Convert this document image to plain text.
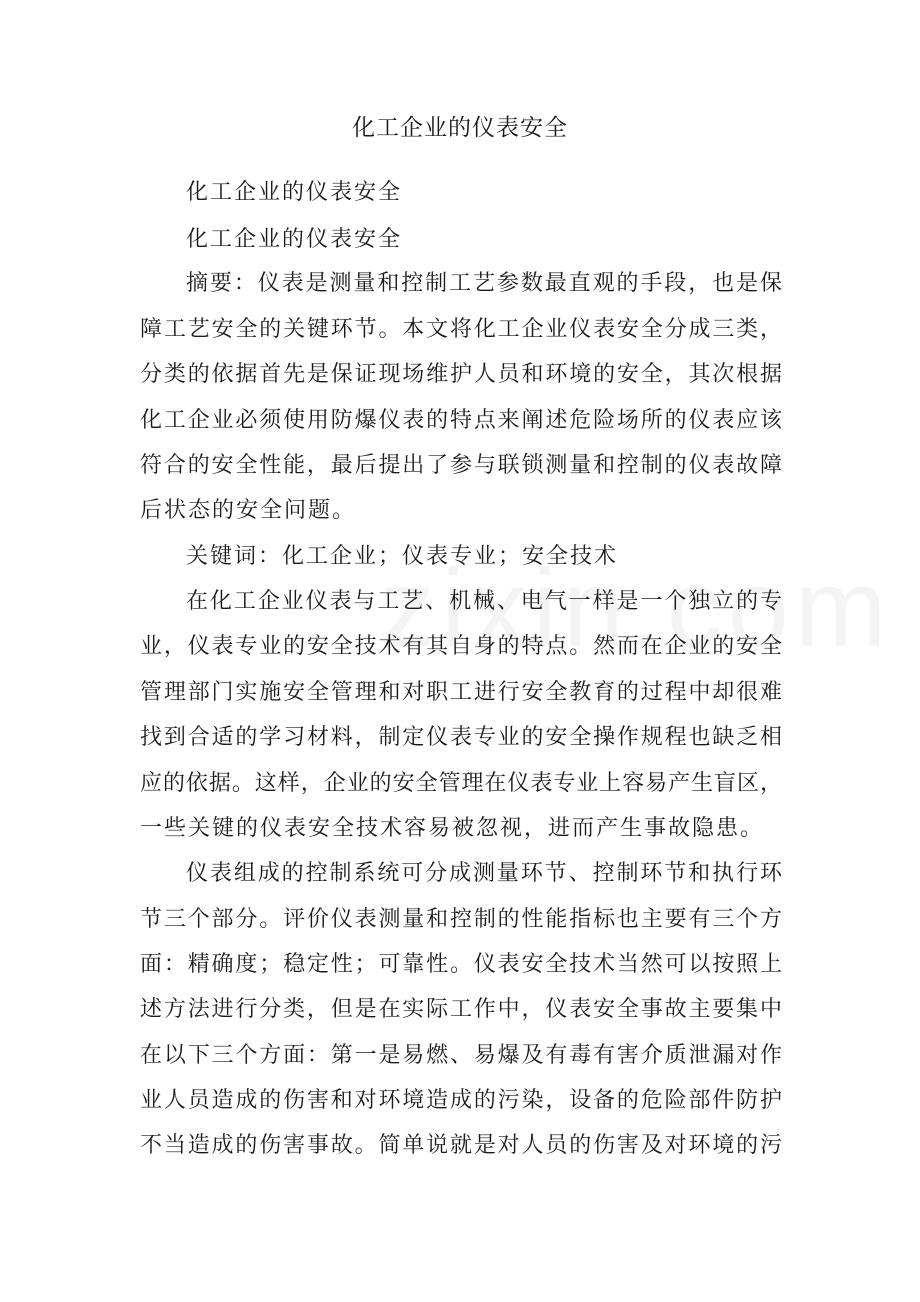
化工企业的仪表安全
化工企业的仪表安全
化工企业的仪表安全
摘要：仪表是测量和控制工艺参数最直观的手段，也是保
障工艺安全的关键环节。本文将化工企业仪表安全分成三类，
分类的依据首先是保证现场维护人员和环境的安全，其次根据
化工企业必须使用防爆仪表的特点来阐述危险场所的仪表应该
符合的安全性能，最后提出了参与联锁测量和控制的仪表故障
后状态的安全问题。
关键词：化工企业；仪表专业；安全技术
在化工企业仪表与工艺、机械、电气一样是一个独立的专
业，仪表专业的安全技术有其自身的特点。然而在企业的安全
管理部门实施安全管理和对职工进行安全教育的过程中却很难
找到合适的学习材料，制定仪表专业的安全操作规程也缺乏相
应的依据。这样，企业的安全管理在仪表专业上容易产生盲区，
一些关键的仪表安全技术容易被忽视，进而产生事故隐患。
仪表组成的控制系统可分成测量环节、控制环节和执行环
节三个部分。评价仪表测量和控制的性能指标也主要有三个方
面：精确度；稳定性；可靠性。仪表安全技术当然可以按照上
述方法进行分类，但是在实际工作中，仪表安全事故主要集中
在以下三个方面：第一是易燃、易爆及有毒有害介质泄漏对作
业人员造成的伤害和对环境造成的污染，设备的危险部件防护
不当造成的伤害事故。简单说就是对人员的伤害及对环境的污
